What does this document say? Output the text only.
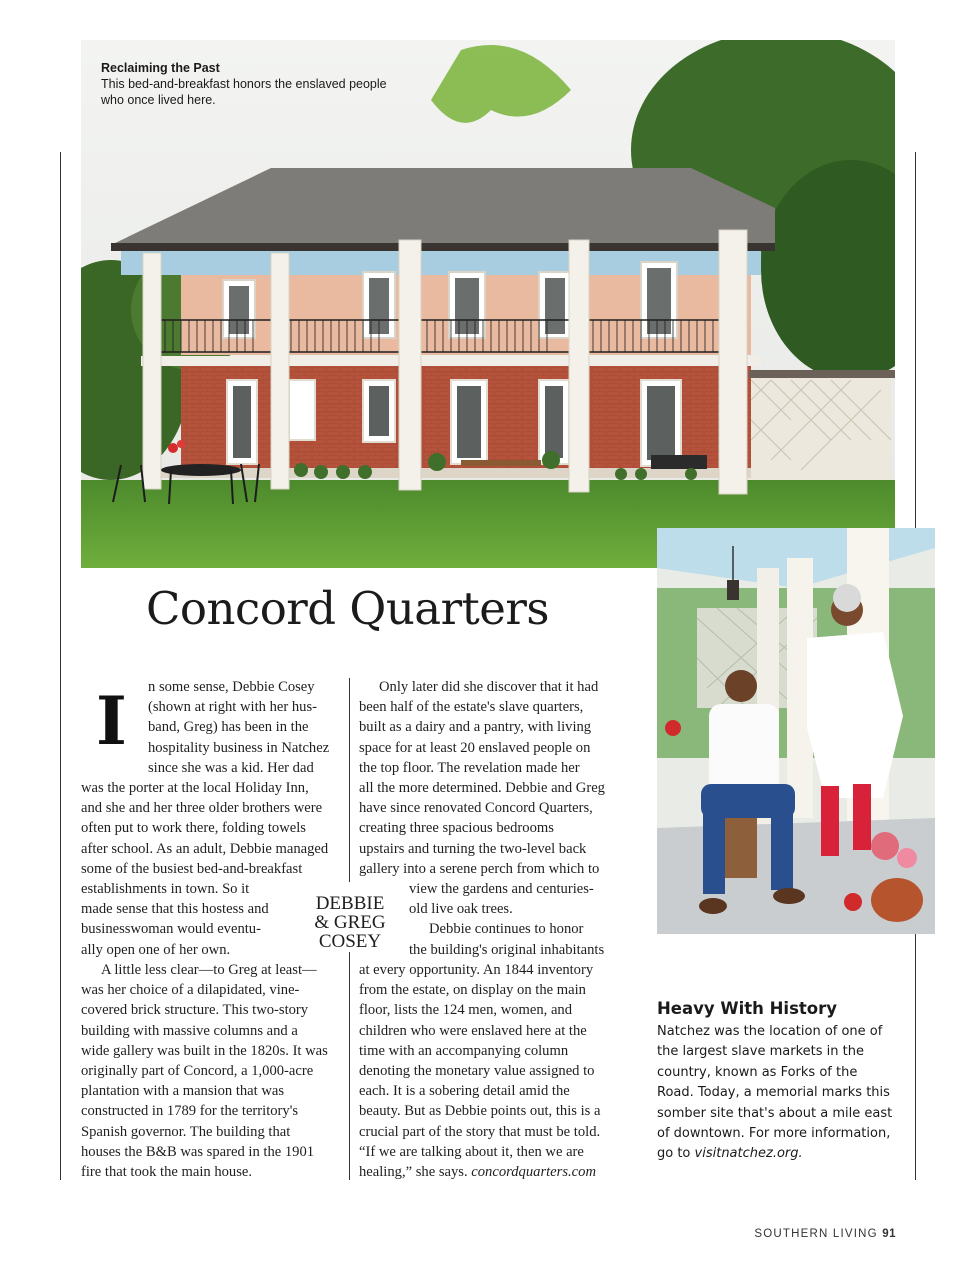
Reclaiming the Past
This bed-and-breakfast honors the enslaved people who once lived here.
Concord Quarters
I n some sense, Debbie Cosey
(shown at right with her hus-
band, Greg) has been in the
hospitality business in Natchez
since she was a kid. Her dad
was the porter at the local Holiday Inn,
and she and her three older brothers were
often put to work there, folding towels
after school. As an adult, Debbie managed
some of the busiest bed-and-breakfast
establishments in town. So it
made sense that this hostess and
businesswoman would eventu-
ally open one of her own.
A little less clear—to Greg at least—
was her choice of a dilapidated, vine-
covered brick structure. This two-story
building with massive columns and a
wide gallery was built in the 1820s. It was
originally part of Concord, a 1,000-acre
plantation with a mansion that was
constructed in 1789 for the territory's
Spanish governor. The building that
houses the B&B was spared in the 1901
fire that took the main house.
DEBBIE
& GREG
COSEY
Only later did she discover that it had
been half of the estate's slave quarters,
built as a dairy and a pantry, with living
space for at least 20 enslaved people on
the top floor. The revelation made her
all the more determined. Debbie and Greg
have since renovated Concord Quarters,
creating three spacious bedrooms
upstairs and turning the two-level back
gallery into a serene perch from which to
view the gardens and centuries-
old live oak trees.
Debbie continues to honor
the building's original inhabitants
at every opportunity. An 1844 inventory
from the estate, on display on the main
floor, lists the 124 men, women, and
children who were enslaved here at the
time with an accompanying column
denoting the monetary value assigned to
each. It is a sobering detail amid the
beauty. But as Debbie points out, this is a
crucial part of the story that must be told.
“If we are talking about it, then we are
healing,” she says. concordquarters.com
Heavy With History
Natchez was the location of one of the largest slave markets in the country, known as Forks of the Road. Today, a memorial marks this somber site that's about a mile east of downtown. For more information, go to visitnatchez.org.
SOUTHERN LIVING 91
